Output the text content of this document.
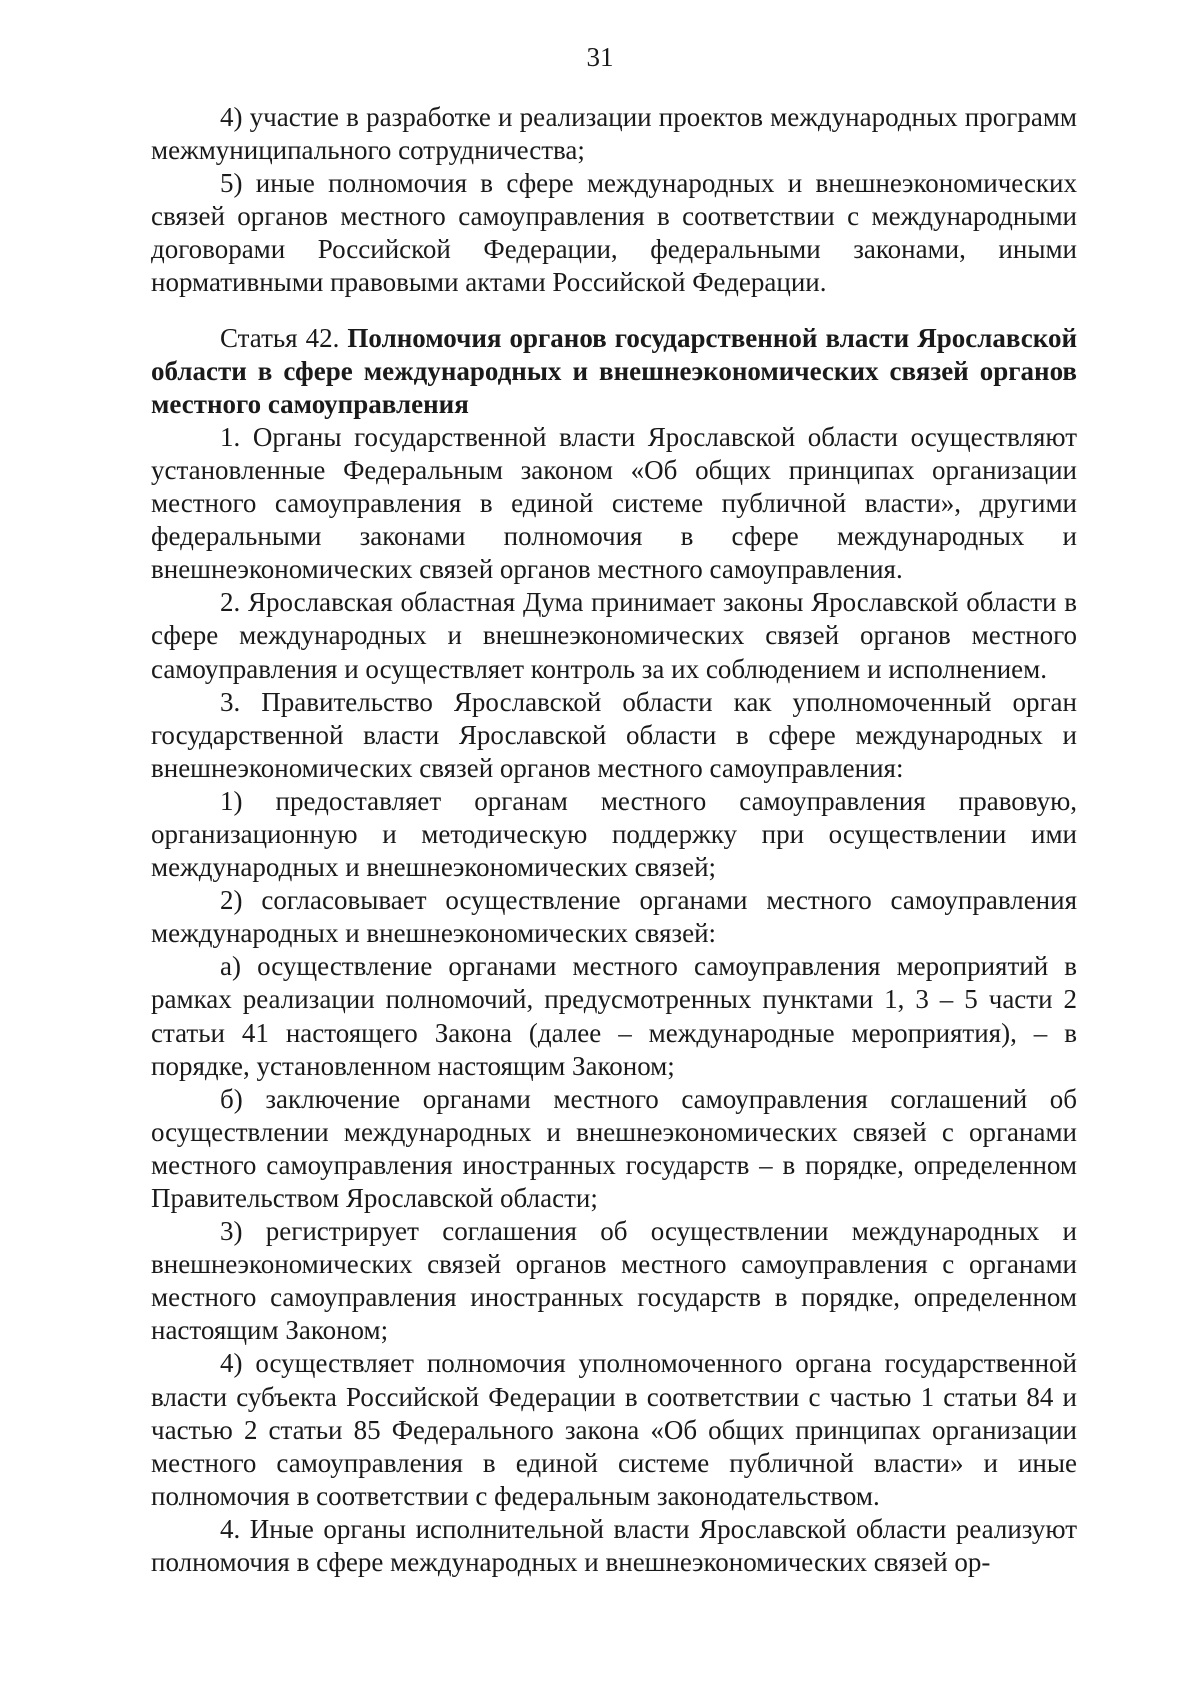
31

4) участие в разработке и реализации проектов международных программ межмуниципального сотрудничества;

5) иные полномочия в сфере международных и внешнеэкономических связей органов местного самоуправления в соответствии с международными договорами Российской Федерации, федеральными законами, иными нормативными правовыми актами Российской Федерации.

Статья 42. Полномочия органов государственной власти Ярославской области в сфере международных и внешнеэкономических связей органов местного самоуправления

1. Органы государственной власти Ярославской области осуществляют установленные Федеральным законом «Об общих принципах организации местного самоуправления в единой системе публичной власти», другими федеральными законами полномочия в сфере международных и внешнеэкономических связей органов местного самоуправления.

2. Ярославская областная Дума принимает законы Ярославской области в сфере международных и внешнеэкономических связей органов местного самоуправления и осуществляет контроль за их соблюдением и исполнением.

3. Правительство Ярославской области как уполномоченный орган государственной власти Ярославской области в сфере международных и внешнеэкономических связей органов местного самоуправления:

1) предоставляет органам местного самоуправления правовую, организационную и методическую поддержку при осуществлении ими международных и внешнеэкономических связей;

2) согласовывает осуществление органами местного самоуправления международных и внешнеэкономических связей:

а) осуществление органами местного самоуправления мероприятий в рамках реализации полномочий, предусмотренных пунктами 1, 3 – 5 части 2 статьи 41 настоящего Закона (далее – международные мероприятия), – в порядке, установленном настоящим Законом;

б) заключение органами местного самоуправления соглашений об осуществлении международных и внешнеэкономических связей с органами местного самоуправления иностранных государств – в порядке, определенном Правительством Ярославской области;

3) регистрирует соглашения об осуществлении международных и внешнеэкономических связей органов местного самоуправления с органами местного самоуправления иностранных государств в порядке, определенном настоящим Законом;

4) осуществляет полномочия уполномоченного органа государственной власти субъекта Российской Федерации в соответствии с частью 1 статьи 84 и частью 2 статьи 85 Федерального закона «Об общих принципах организации местного самоуправления в единой системе публичной власти» и иные полномочия в соответствии с федеральным законодательством.

4. Иные органы исполнительной власти Ярославской области реализуют полномочия в сфере международных и внешнеэкономических связей ор-
